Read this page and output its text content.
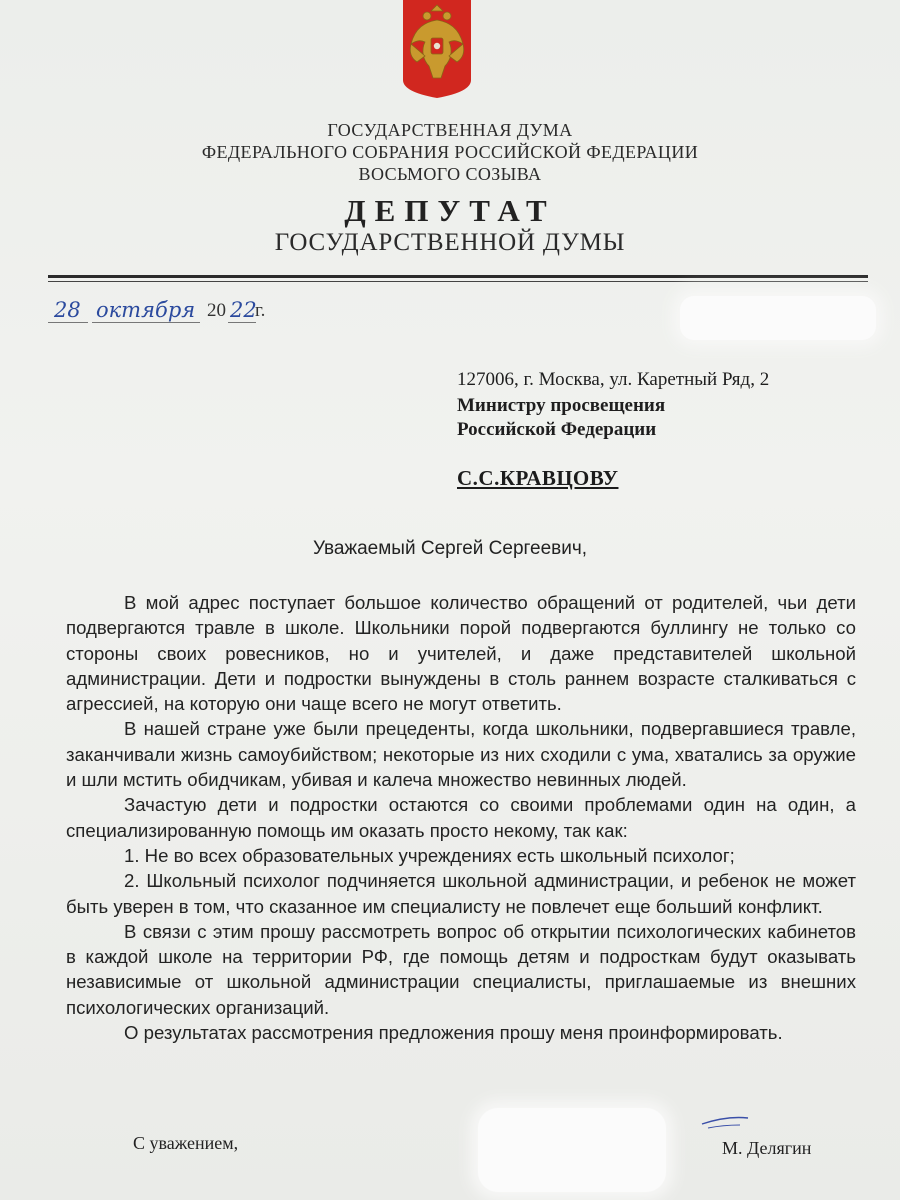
ГОСУДАРСТВЕННАЯ ДУМА
ФЕДЕРАЛЬНОГО СОБРАНИЯ РОССИЙСКОЙ ФЕДЕРАЦИИ
ВОСЬМОГО СОЗЫВА
ДЕПУТАТ
ГОСУДАРСТВЕННОЙ ДУМЫ
28 октября 20 22
г.
127006, г. Москва, ул. Каретный Ряд, 2
Министру просвещения
Российской Федерации
С.С.КРАВЦОВУ
Уважаемый Сергей Сергеевич,

В мой адрес поступает большое количество обращений от родителей, чьи дети подвергаются травле в школе. Школьники порой подвергаются буллингу не только со стороны своих ровесников, но и учителей, и даже представителей школьной администрации. Дети и подростки вынуждены в столь раннем возрасте сталкиваться с агрессией, на которую они чаще всего не могут ответить.

В нашей стране уже были прецеденты, когда школьники, подвергавшиеся травле, заканчивали жизнь самоубийством; некоторые из них сходили с ума, хватались за оружие и шли мстить обидчикам, убивая и калеча множество невинных людей.

Зачастую дети и подростки остаются со своими проблемами один на один, а специализированную помощь им оказать просто некому, так как:

1. Не во всех образовательных учреждениях есть школьный психолог;

2. Школьный психолог подчиняется школьной администрации, и ребенок не может быть уверен в том, что сказанное им специалисту не повлечет еще больший конфликт.

В связи с этим прошу рассмотреть вопрос об открытии психологических кабинетов в каждой школе на территории РФ, где помощь детям и подросткам будут оказывать независимые от школьной администрации специалисты, приглашаемые из внешних психологических организаций.

О результатах рассмотрения предложения прошу меня проинформировать.

С уважением,	М. Делягин
